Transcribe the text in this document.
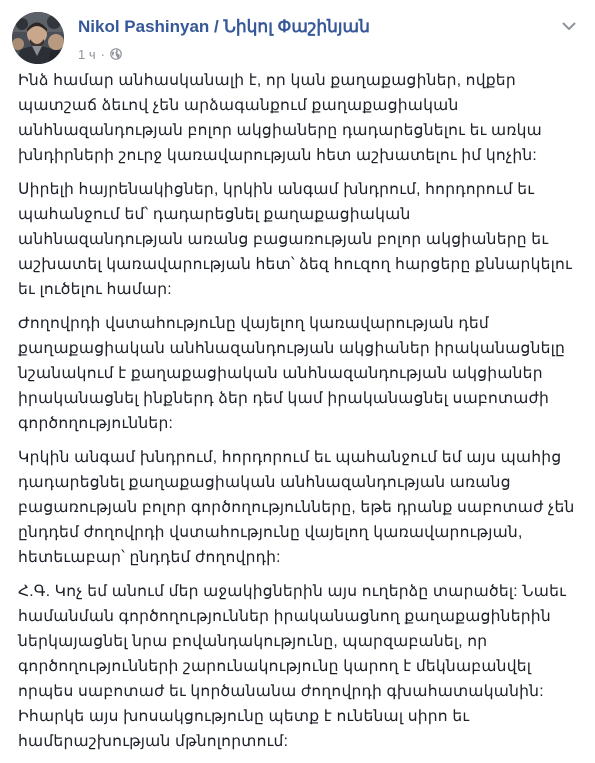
Nikol Pashinyan / Նիկոլ Փաշինյան
1 ч ·

Ինձ համար անհասկանալի է, որ կան քաղաքացիներ, ովքեր պատշաճ ձեւով չեն արձագանքում քաղաքացիական անհնազանդության բոլոր ակցիաները դադարեցնելու եւ առկա խնդիրների շուրջ կառավարության հետ աշխատելու իմ կոչին:

Սիրելի հայրենակիցներ, կրկին անգամ խնդրում, հորդորում եւ պահանջում եմ՝ դադարեցնել քաղաքացիական անհնազանդության առանց բացառության բոլոր ակցիաները եւ աշխատել կառավարության հետ՝ ձեզ հուզող հարցերը քննարկելու եւ լուծելու համար:

Ժողովրդի վստահությունը վայելող կառավարության դեմ քաղաքացիական անհնազանդության ակցիաներ իրականացնելը նշանակում է քաղաքացիական անհնազանդության ակցիաներ իրականացնել ինքներդ ձեր դեմ կամ իրականացնել սաբոտաժի գործողություններ:

Կրկին անգամ խնդրում, հորդորում եւ պահանջում եմ այս պահից դադարեցնել քաղաքացիական անհնազանդության առանց բացառության բոլոր գործողությունները, եթե դրանք սաբոտաժ չեն ընդդեմ ժողովրդի վստահությունը վայելող կառավարության, հետեւաբար՝ ընդդեմ ժողովրդի:

Հ.Գ. Կոչ եմ անում մեր աջակիցներին այս ուղերձը տարածել: Նաեւ համանման գործողություններ իրականացնող քաղաքացիներին ներկայացնել նրա բովանդակությունը, պարզաբանել, որ գործողությունների շարունակությունը կարող է մեկնաբանվել որպես սաբոտաժ եւ կործանանա ժողովրդի գխահատականին: Իհարկե այս խոսակցությունը պետք է ունենալ սիրո եւ համերաշխության մթնոլորտում:
